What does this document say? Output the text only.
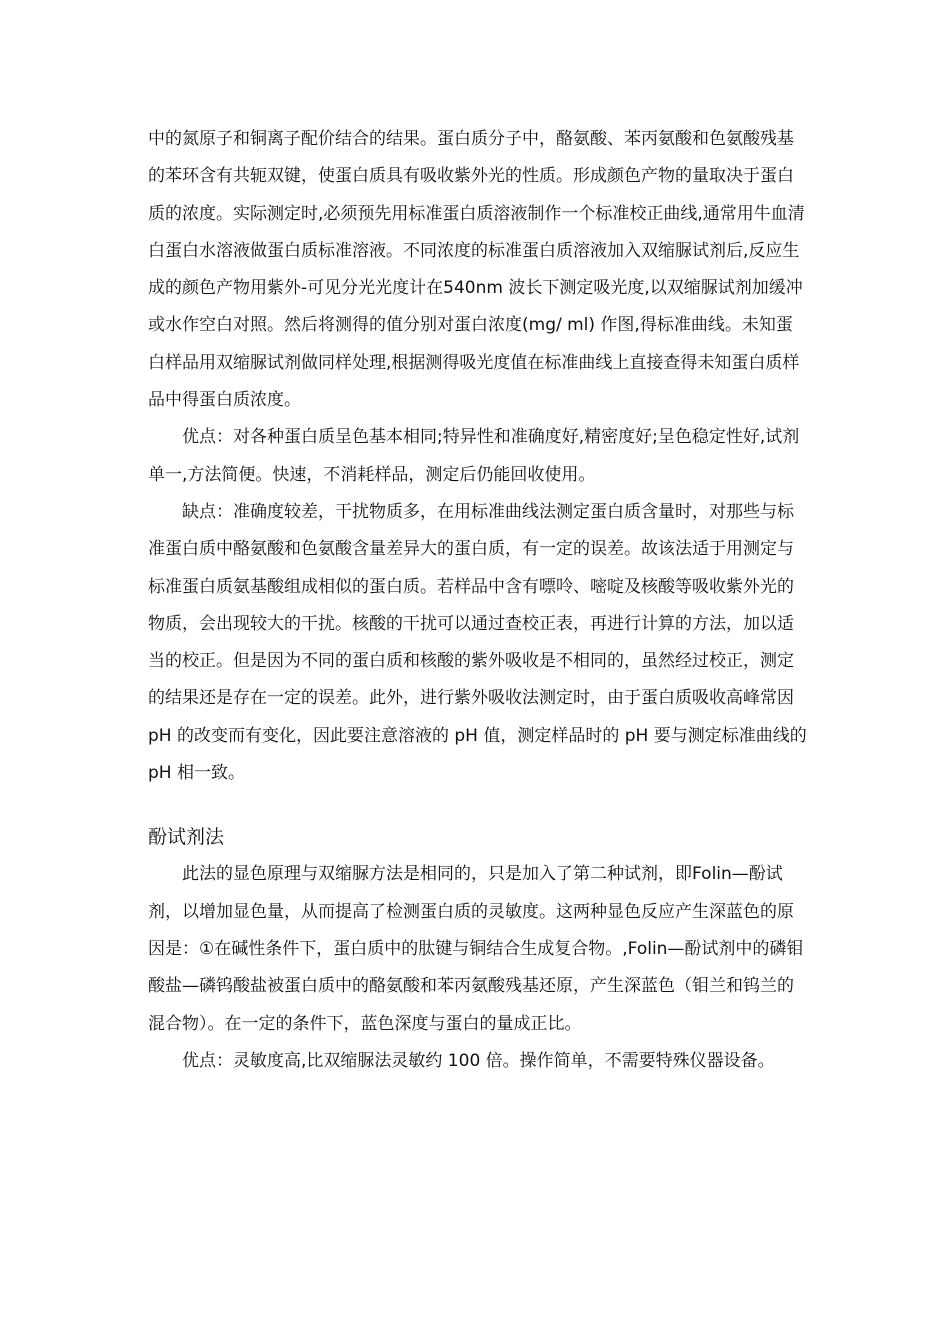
中的氮原子和铜离子配价结合的结果。蛋白质分子中，酪氨酸、苯丙氨酸和色氨酸残基的苯环含有共轭双键，使蛋白质具有吸收紫外光的性质。形成颜色产物的量取决于蛋白质的浓度。实际测定时,必须预先用标准蛋白质溶液制作一个标准校正曲线,通常用牛血清白蛋白水溶液做蛋白质标准溶液。不同浓度的标准蛋白质溶液加入双缩脲试剂后,反应生成的颜色产物用紫外-可见分光光度计在540nm 波长下测定吸光度,以双缩脲试剂加缓冲或水作空白对照。然后将测得的值分别对蛋白浓度(mg/ ml) 作图,得标准曲线。未知蛋白样品用双缩脲试剂做同样处理,根据测得吸光度值在标准曲线上直接查得未知蛋白质样品中得蛋白质浓度。

优点：对各种蛋白质呈色基本相同;特异性和准确度好,精密度好;呈色稳定性好,试剂单一,方法简便。快速，不消耗样品，测定后仍能回收使用。

缺点：准确度较差，干扰物质多，在用标准曲线法测定蛋白质含量时，对那些与标准蛋白质中酪氨酸和色氨酸含量差异大的蛋白质，有一定的误差。故该法适于用测定与标准蛋白质氨基酸组成相似的蛋白质。若样品中含有嘌呤、嘧啶及核酸等吸收紫外光的物质，会出现较大的干扰。核酸的干扰可以通过查校正表，再进行计算的方法，加以适当的校正。但是因为不同的蛋白质和核酸的紫外吸收是不相同的，虽然经过校正，测定的结果还是存在一定的误差。此外，进行紫外吸收法测定时，由于蛋白质吸收高峰常因 pH 的改变而有变化，因此要注意溶液的 pH 值，测定样品时的 pH 要与测定标准曲线的 pH 相一致。

酚试剂法

此法的显色原理与双缩脲方法是相同的，只是加入了第二种试剂，即Folin—酚试剂，以增加显色量，从而提高了检测蛋白质的灵敏度。这两种显色反应产生深蓝色的原因是：①在碱性条件下，蛋白质中的肽键与铜结合生成复合物。,Folin—酚试剂中的磷钼酸盐—磷钨酸盐被蛋白质中的酪氨酸和苯丙氨酸残基还原，产生深蓝色（钼兰和钨兰的混合物）。在一定的条件下，蓝色深度与蛋白的量成正比。

优点：灵敏度高,比双缩脲法灵敏约 100 倍。操作简单，不需要特殊仪器设备。
